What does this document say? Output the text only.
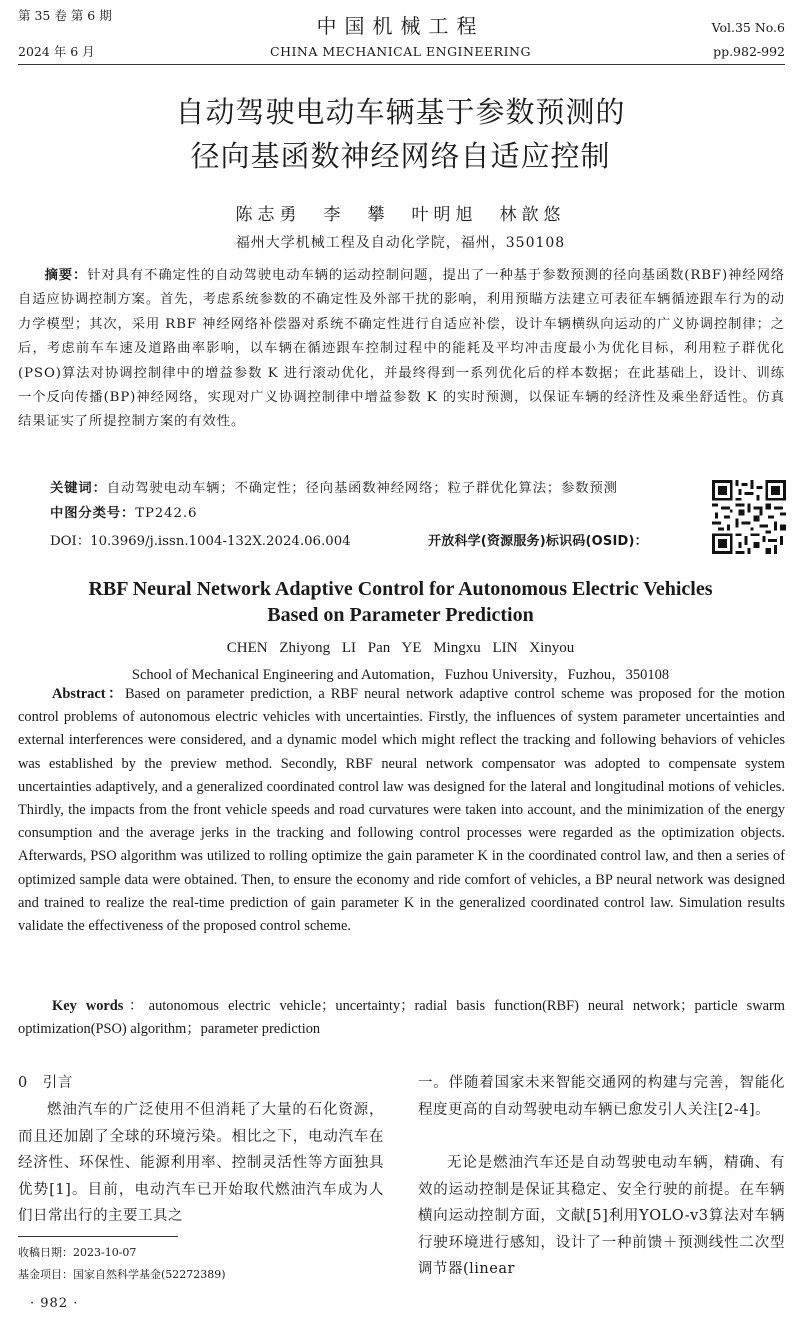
第 35 卷 第 6 期
2024 年 6 月
中国机械工程
CHINA MECHANICAL ENGINEERING
Vol.35 No.6
pp.982-992
自动驾驶电动车辆基于参数预测的
径向基函数神经网络自适应控制
陈志勇　李　攀　叶明旭　林歆悠
福州大学机械工程及自动化学院，福州，350108
摘要：针对具有不确定性的自动驾驶电动车辆的运动控制问题，提出了一种基于参数预测的径向基函数(RBF)神经网络自适应协调控制方案。首先，考虑系统参数的不确定性及外部干扰的影响，利用预瞄方法建立可表征车辆循迹跟车行为的动力学模型；其次，采用 RBF 神经网络补偿器对系统不确定性进行自适应补偿，设计车辆横纵向运动的广义协调控制律；之后，考虑前车车速及道路曲率影响，以车辆在循迹跟车控制过程中的能耗及平均冲击度最小为优化目标，利用粒子群优化(PSO)算法对协调控制律中的增益参数 K 进行滚动优化，并最终得到一系列优化后的样本数据；在此基础上，设计、训练一个反向传播(BP)神经网络，实现对广义协调控制律中增益参数 K 的实时预测，以保证车辆的经济性及乘坐舒适性。仿真结果证实了所提控制方案的有效性。
关键词：自动驾驶电动车辆；不确定性；径向基函数神经网络；粒子群优化算法；参数预测
中图分类号：TP242.6
DOI：10.3969/j.issn.1004-132X.2024.06.004	开放科学(资源服务)标识码(OSID)：
RBF Neural Network Adaptive Control for Autonomous Electric Vehicles
Based on Parameter Prediction
CHEN Zhiyong LI Pan YE Mingxu LIN Xinyou
School of Mechanical Engineering and Automation，Fuzhou University，Fuzhou，350108
Abstract：Based on parameter prediction, a RBF neural network adaptive control scheme was proposed for the motion control problems of autonomous electric vehicles with uncertainties. Firstly, the influences of system parameter uncertainties and external interferences were considered, and a dynamic model which might reflect the tracking and following behaviors of vehicles was established by the preview method. Secondly, RBF neural network compensator was adopted to compensate system uncertainties adaptively, and a generalized coordinated control law was designed for the lateral and longitudinal motions of vehicles. Thirdly, the impacts from the front vehicle speeds and road curvatures were taken into account, and the minimization of the energy consumption and the average jerks in the tracking and following control processes were regarded as the optimization objects. Afterwards, PSO algorithm was utilized to rolling optimize the gain parameter K in the coordinated control law, and then a series of optimized sample data were obtained. Then, to ensure the economy and ride comfort of vehicles, a BP neural network was designed and trained to realize the real-time prediction of gain parameter K in the generalized coordinated control law. Simulation results validate the effectiveness of the proposed control scheme.
Key words：autonomous electric vehicle；uncertainty；radial basis function(RBF) neural network；particle swarm optimization(PSO) algorithm；parameter prediction
0　引言
燃油汽车的广泛使用不但消耗了大量的石化资源，而且还加剧了全球的环境污染。相比之下，电动汽车在经济性、环保性、能源利用率、控制灵活性等方面独具优势[1]。目前，电动汽车已开始取代燃油汽车成为人们日常出行的主要工具之
收稿日期：2023-10-07
基金项目：国家自然科学基金(52272389)
· 982 ·
一。伴随着国家未来智能交通网的构建与完善，智能化程度更高的自动驾驶电动车辆已愈发引人关注[2-4]。
无论是燃油汽车还是自动驾驶电动车辆，精确、有效的运动控制是保证其稳定、安全行驶的前提。在车辆横向运动控制方面，文献[5]利用YOLO-v3算法对车辆行驶环境进行感知，设计了一种前馈＋预测线性二次型调节器(linear
